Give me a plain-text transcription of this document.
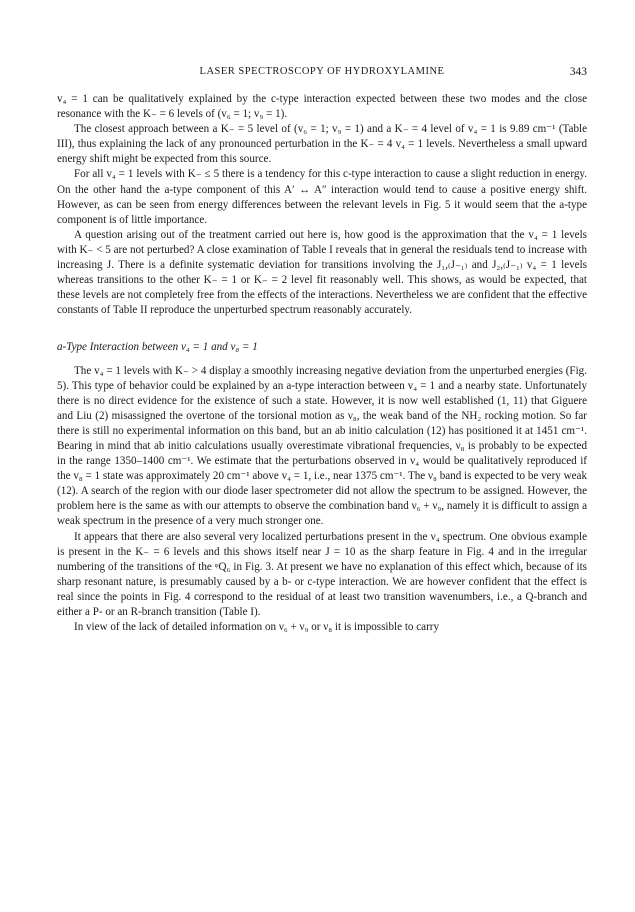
LASER SPECTROSCOPY OF HYDROXYLAMINE	343

v₄ = 1 can be qualitatively explained by the c-type interaction expected between these two modes and the close resonance with the K₋ = 6 levels of (v₆ = 1; v₉ = 1).

The closest approach between a K₋ = 5 level of (v₆ = 1; v₉ = 1) and a K₋ = 4 level of v₄ = 1 is 9.89 cm⁻¹ (Table III), thus explaining the lack of any pronounced perturbation in the K₋ = 4 v₄ = 1 levels. Nevertheless a small upward energy shift might be expected from this source.

For all v₄ = 1 levels with K₋ ≤ 5 there is a tendency for this c-type interaction to cause a slight reduction in energy. On the other hand the a-type component of this A′ ↔ A″ interaction would tend to cause a positive energy shift. However, as can be seen from energy differences between the relevant levels in Fig. 5 it would seem that the a-type component is of little importance.

A question arising out of the treatment carried out here is, how good is the approximation that the v₄ = 1 levels with K₋ < 5 are not perturbed? A close examination of Table I reveals that in general the residuals tend to increase with increasing J. There is a definite systematic deviation for transitions involving the J₁,₍J₋₁₎ and J₂,₍J₋₁₎ v₄ = 1 levels whereas transitions to the other K₋ = 1 or K₋ = 2 level fit reasonably well. This shows, as would be expected, that these levels are not completely free from the effects of the interactions. Nevertheless we are confident that the effective constants of Table II reproduce the unperturbed spectrum reasonably accurately.

a-Type Interaction between v₄ = 1 and v₈ = 1

The v₄ = 1 levels with K₋ > 4 display a smoothly increasing negative deviation from the unperturbed energies (Fig. 5). This type of behavior could be explained by an a-type interaction between v₄ = 1 and a nearby state. Unfortunately there is no direct evidence for the existence of such a state. However, it is now well established (1, 11) that Giguere and Liu (2) misassigned the overtone of the torsional motion as ν₈, the weak band of the NH₂ rocking motion. So far there is still no experimental information on this band, but an ab initio calculation (12) has positioned it at 1451 cm⁻¹. Bearing in mind that ab initio calculations usually overestimate vibrational frequencies, ν₈ is probably to be expected in the range 1350–1400 cm⁻¹. We estimate that the perturbations observed in ν₄ would be qualitatively reproduced if the v₈ = 1 state was approximately 20 cm⁻¹ above v₄ = 1, i.e., near 1375 cm⁻¹. The ν₈ band is expected to be very weak (12). A search of the region with our diode laser spectrometer did not allow the spectrum to be assigned. However, the problem here is the same as with our attempts to observe the combination band ν₆ + ν₉, namely it is difficult to assign a weak spectrum in the presence of a very much stronger one.

It appears that there are also several very localized perturbations present in the ν₄ spectrum. One obvious example is present in the K₋ = 6 levels and this shows itself near J = 10 as the sharp feature in Fig. 4 and in the irregular numbering of the transitions of the ᵠQ₆ in Fig. 3. At present we have no explanation of this effect which, because of its sharp resonant nature, is presumably caused by a b- or c-type interaction. We are however confident that the effect is real since the points in Fig. 4 correspond to the residual of at least two transition wavenumbers, i.e., a Q-branch and either a P- or an R-branch transition (Table I).

In view of the lack of detailed information on ν₆ + ν₉ or ν₈ it is impossible to carry
